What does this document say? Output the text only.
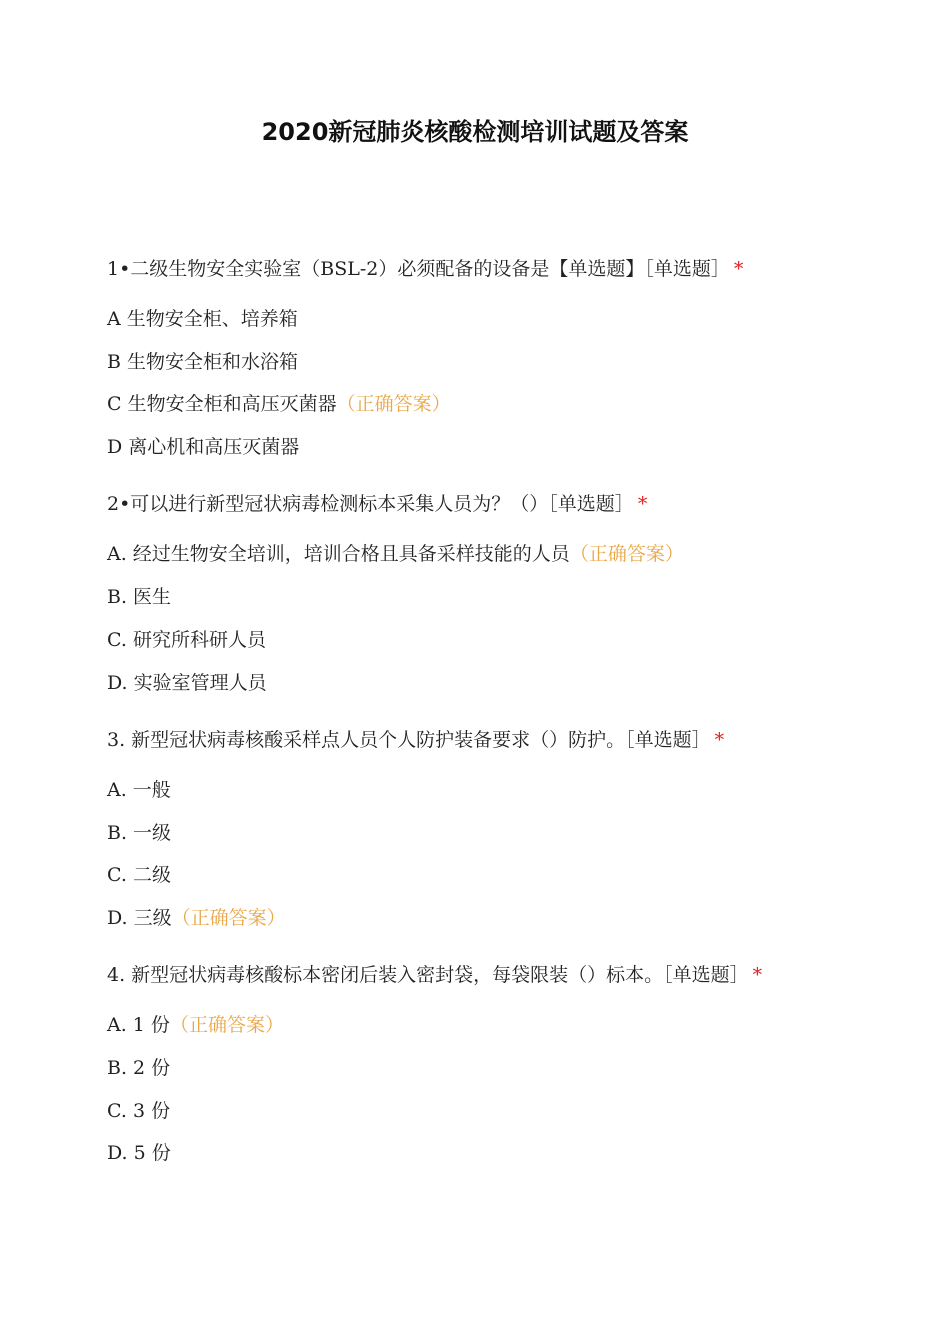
2020新冠肺炎核酸检测培训试题及答案
1•二级生物安全实验室（BSL-2）必须配备的设备是【单选题】［单选题］ *
A 生物安全柜、培养箱
B 生物安全柜和水浴箱
C 生物安全柜和高压灭菌器（正确答案）
D 离心机和高压灭菌器
2•可以进行新型冠状病毒检测标本采集人员为？（）［单选题］ *
A. 经过生物安全培训，培训合格且具备采样技能的人员（正确答案）
B. 医生
C. 研究所科研人员
D. 实验室管理人员
3. 新型冠状病毒核酸采样点人员个人防护装备要求（）防护。［单选题］ *
A. 一般
B. 一级
C. 二级
D. 三级（正确答案）
4. 新型冠状病毒核酸标本密闭后装入密封袋，每袋限装（）标本。［单选题］ *
A. 1 份（正确答案）
B. 2 份
C. 3 份
D. 5 份
